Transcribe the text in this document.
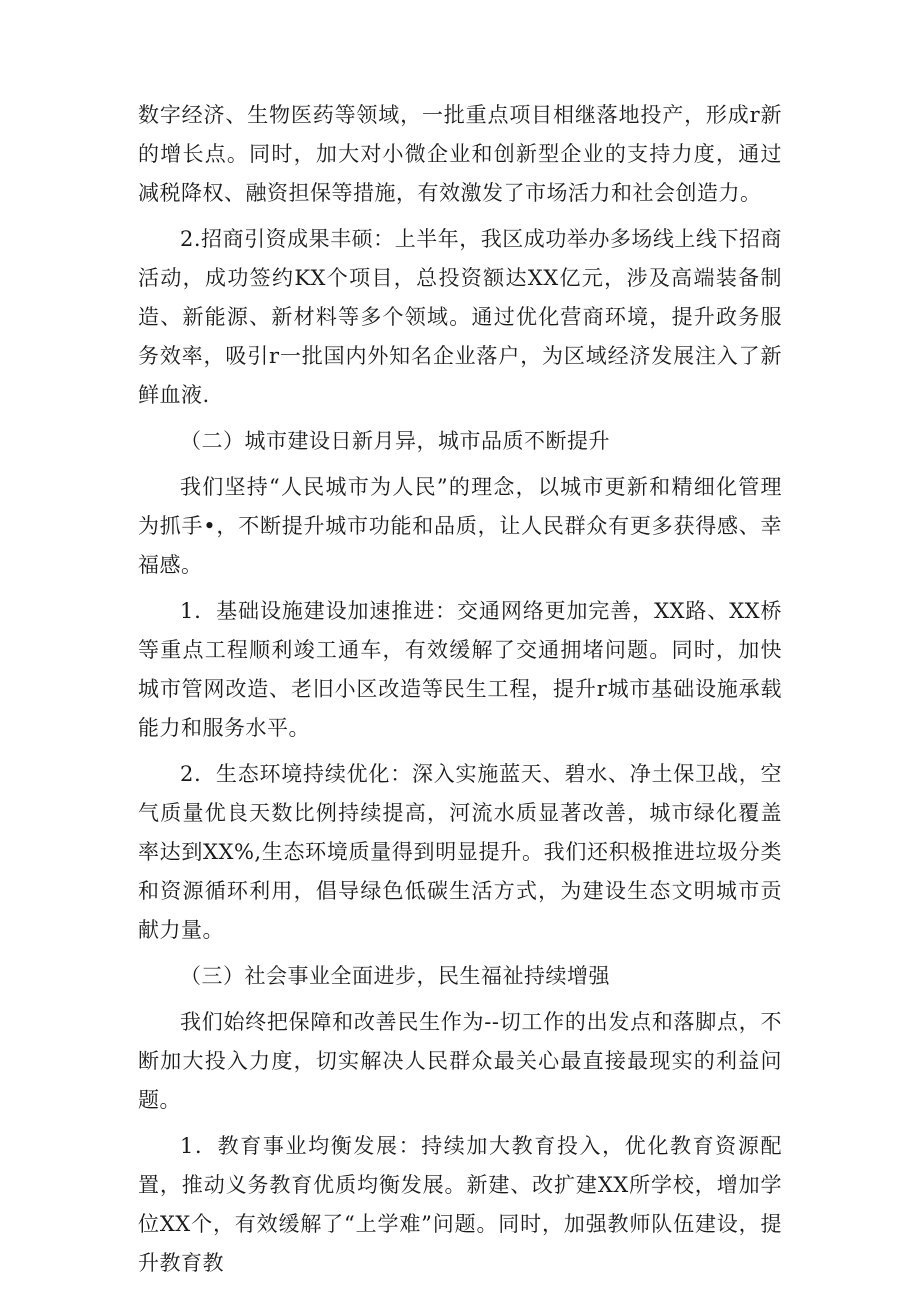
数字经济、生物医药等领域，一批重点项目相继落地投产，形成r新的增长点。同时，加大对小微企业和创新型企业的支持力度，通过减税降权、融资担保等措施，有效激发了市场活力和社会创造力。

2.招商引资成果丰硕：上半年，我区成功举办多场线上线下招商活动，成功签约KX个项目，总投资额达XX亿元，涉及高端装备制造、新能源、新材料等多个领域。通过优化营商环境，提升政务服务效率，吸引r一批国内外知名企业落户，为区域经济发展注入了新鲜血液.

（二）城市建设日新月异，城市品质不断提升

我们坚持“人民城市为人民”的理念，以城市更新和精细化管理为抓手•，不断提升城市功能和品质，让人民群众有更多获得感、幸福感。

1．基础设施建设加速推进：交通网络更加完善，XX路、XX桥等重点工程顺利竣工通车，有效缓解了交通拥堵问题。同时，加快城市管网改造、老旧小区改造等民生工程，提升r城市基础设施承载能力和服务水平。

2．生态环境持续优化：深入实施蓝天、碧水、净土保卫战，空气质量优良天数比例持续提高，河流水质显著改善，城市绿化覆盖率达到XX%,生态环境质量得到明显提升。我们还积极推进垃圾分类和资源循环利用，倡导绿色低碳生活方式，为建设生态文明城市贡献力量。

（三）社会事业全面进步，民生福祉持续增强

我们始终把保障和改善民生作为--切工作的出发点和落脚点，不断加大投入力度，切实解决人民群众最关心最直接最现实的利益问题。

1．教育事业均衡发展：持续加大教育投入，优化教育资源配置，推动义务教育优质均衡发展。新建、改扩建XX所学校，增加学位XX个，有效缓解了“上学难”问题。同时，加强教师队伍建设，提升教育教
